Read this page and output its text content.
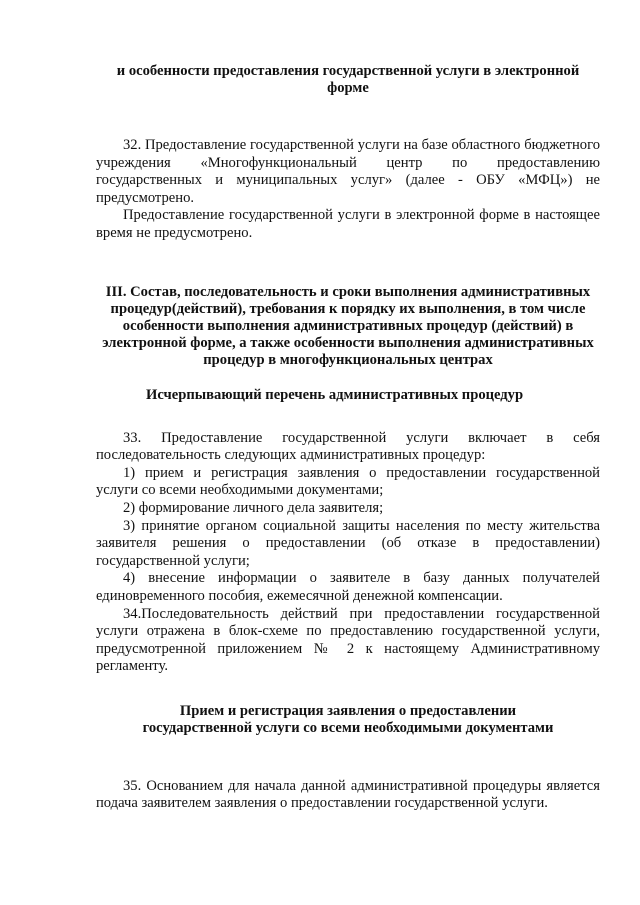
и особенности предоставления государственной услуги в электронной форме

32. Предоставление государственной услуги на базе областного бюджетного учреждения «Многофункциональный центр по предоставлению государственных и муниципальных услуг» (далее - ОБУ «МФЦ») не предусмотрено.

Предоставление государственной услуги в электронной форме в настоящее время не предусмотрено.

III. Состав, последовательность и сроки выполнения административных процедур(действий), требования к порядку их выполнения, в том числе особенности выполнения административных процедур (действий) в электронной форме, а также особенности выполнения административных процедур в многофункциональных центрах

Исчерпывающий перечень административных процедур

33. Предоставление государственной услуги включает в себя последовательность следующих административных процедур:

1) прием и регистрация заявления о предоставлении государственной услуги со всеми необходимыми документами;

2) формирование личного дела заявителя;

3) принятие органом социальной защиты населения по месту жительства заявителя решения о предоставлении (об отказе в предоставлении) государственной услуги;

4) внесение информации о заявителе в базу данных получателей единовременного пособия, ежемесячной денежной компенсации.

34.Последовательность действий при предоставлении государственной услуги отражена в блок-схеме по предоставлению государственной услуги, предусмотренной приложением № 2 к настоящему Административному регламенту.

Прием и регистрация заявления о предоставлении государственной услуги со всеми необходимыми документами

35. Основанием для начала данной административной процедуры является подача заявителем заявления о предоставлении государственной услуги.
